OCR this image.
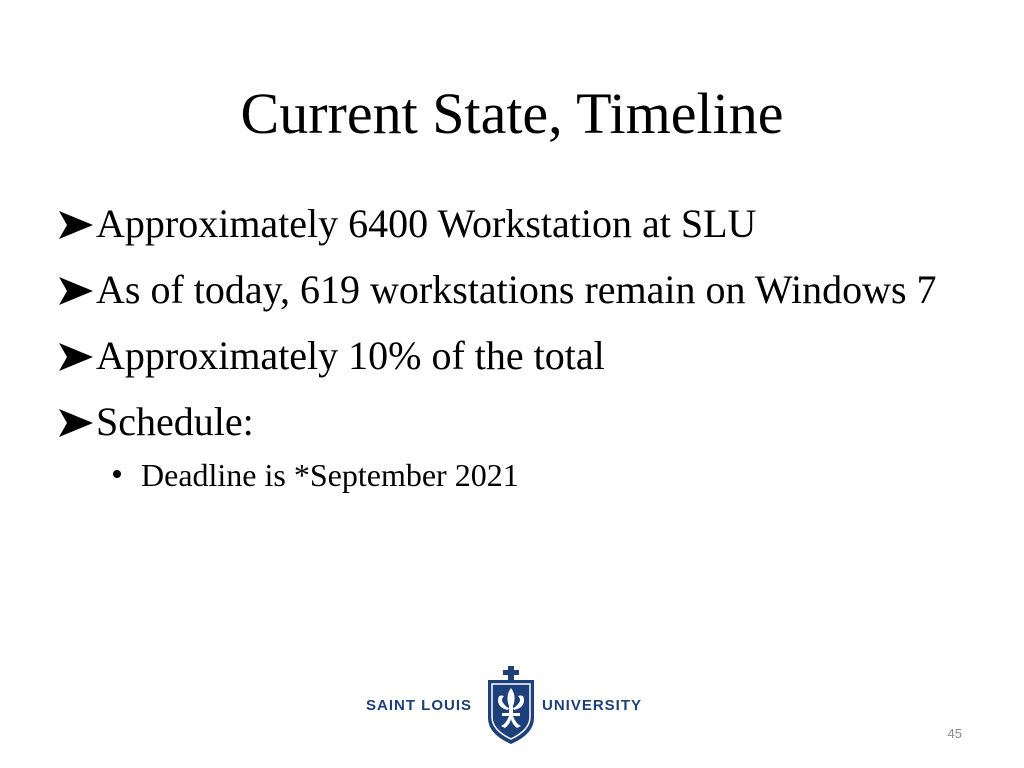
Current State, Timeline
Approximately 6400 Workstation at SLU
As of today, 619 workstations remain on Windows 7
Approximately 10% of the total
Schedule:
Deadline is *September 2021
SAINT LOUIS	UNIVERSITY
45
